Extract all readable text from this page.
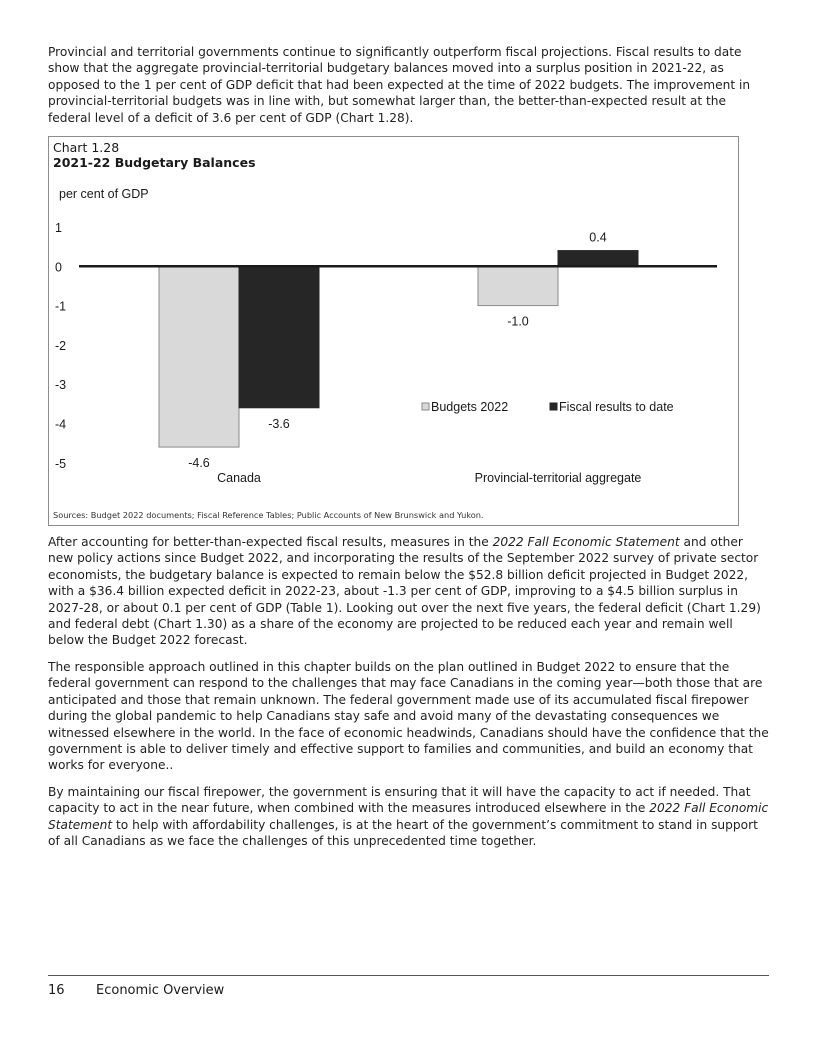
Provincial and territorial governments continue to significantly outperform fiscal projections. Fiscal results to date show that the aggregate provincial-territorial budgetary balances moved into a surplus position in 2021-22, as opposed to the 1 per cent of GDP deficit that had been expected at the time of 2022 budgets. The improvement in provincial-territorial budgets was in line with, but somewhat larger than, the better-than-expected result at the federal level of a deficit of 3.6 per cent of GDP (Chart 1.28).

Chart 1.28
2021-22 Budgetary Balances
per cent of GDP
1
0
-1
-2
-3
-4
-5	-4.6
-1.0
-3.6
0.4
Canada	Provincial-territorial aggregate
Budgets 2022	Fiscal results to date
Sources: Budget 2022 documents; Fiscal Reference Tables; Public Accounts of New Brunswick and Yukon.

After accounting for better-than-expected fiscal results, measures in the 2022 Fall Economic Statement and other new policy actions since Budget 2022, and incorporating the results of the September 2022 survey of private sector economists, the budgetary balance is expected to remain below the $52.8 billion deficit projected in Budget 2022, with a $36.4 billion expected deficit in 2022-23, about -1.3 per cent of GDP, improving to a $4.5 billion surplus in 2027-28, or about 0.1 per cent of GDP (Table 1). Looking out over the next five years, the federal deficit (Chart 1.29) and federal debt (Chart 1.30) as a share of the economy are projected to be reduced each year and remain well below the Budget 2022 forecast.

The responsible approach outlined in this chapter builds on the plan outlined in Budget 2022 to ensure that the federal government can respond to the challenges that may face Canadians in the coming year—both those that are anticipated and those that remain unknown. The federal government made use of its accumulated fiscal firepower during the global pandemic to help Canadians stay safe and avoid many of the devastating consequences we witnessed elsewhere in the world. In the face of economic headwinds, Canadians should have the confidence that the government is able to deliver timely and effective support to families and communities, and build an economy that works for everyone..

By maintaining our fiscal firepower, the government is ensuring that it will have the capacity to act if needed. That capacity to act in the near future, when combined with the measures introduced elsewhere in the 2022 Fall Economic Statement to help with affordability challenges, is at the heart of the government’s commitment to stand in support of all Canadians as we face the challenges of this unprecedented time together.

16 Economic Overview
